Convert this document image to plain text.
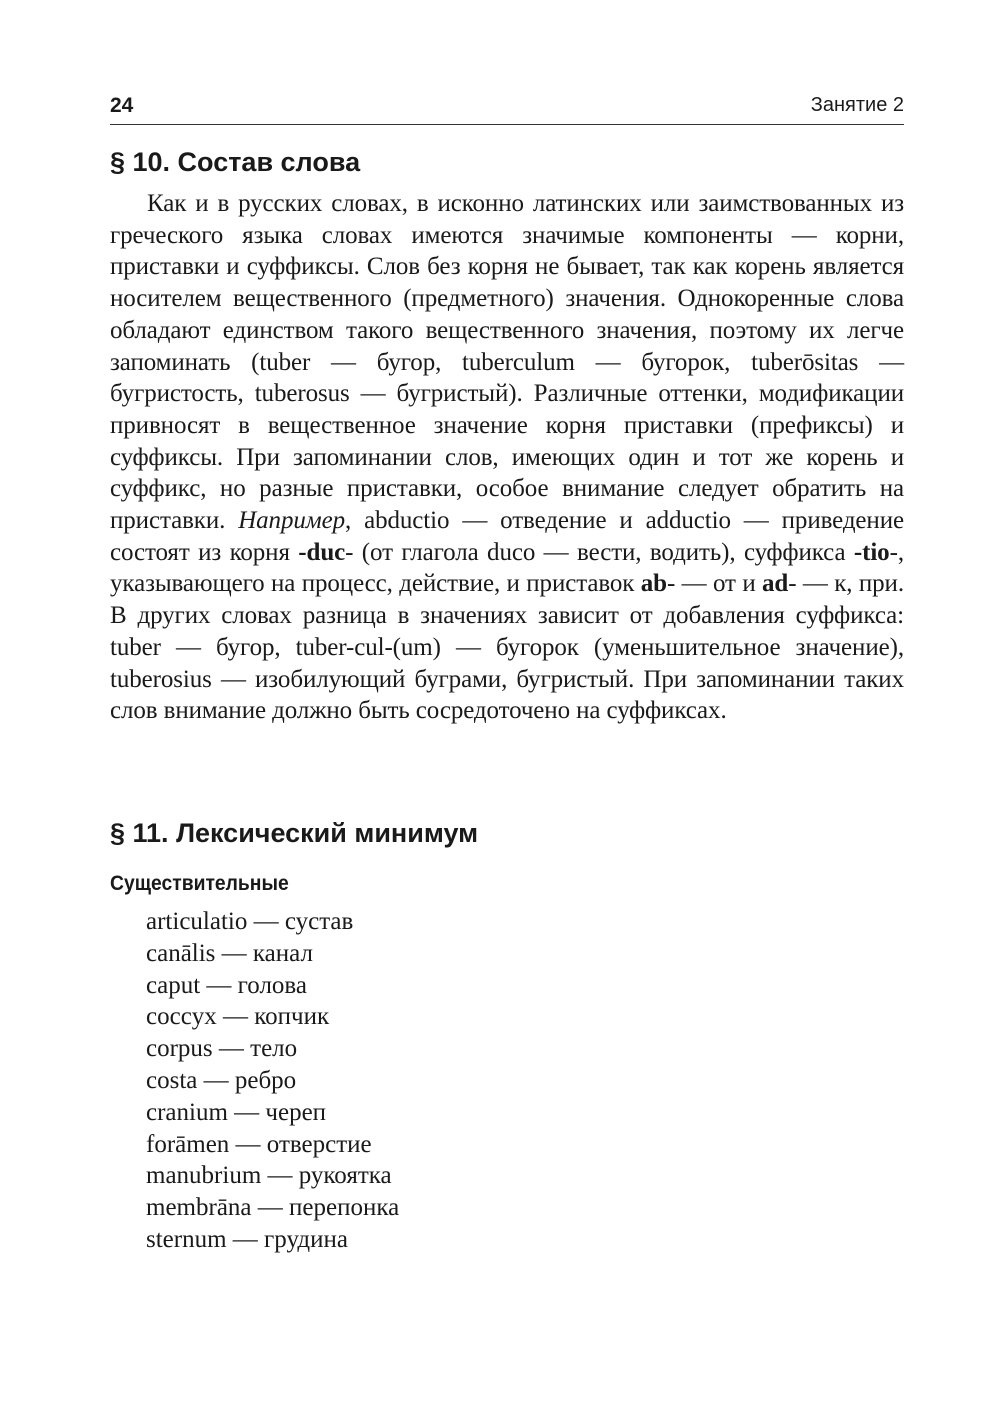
24	Занятие 2
§ 10. Состав слова

Как и в русских словах, в исконно латинских или заимствованных из греческого языка словах имеются значимые компоненты — корни, приставки и суффиксы. Слов без корня не бывает, так как корень является носителем вещественного (предметного) значения. Однокоренные слова обладают единством такого вещественного значения, поэтому их легче запоминать (tuber — бугор, tuberculum — бугорок, tuberōsitas — бугристость, tuberosus — бугристый). Различные оттенки, модификации привносят в вещественное значение корня приставки (префиксы) и суффиксы. При запоминании слов, имеющих один и тот же корень и суффикс, но разные приставки, особое внимание следует обратить на приставки. Например, abductio — отведение и adductio — приведение состоят из корня -duc- (от глагола duco — вести, водить), суффикса -tio-, указывающего на процесс, действие, и приставок ab- — от и ad- — к, при. В других словах разница в значениях зависит от добавления суффикса: tuber — бугор, tuber-cul-(um) — бугорок (уменьшительное значение), tuberosius — изобилующий буграми, бугристый. При запоминании таких слов внимание должно быть сосредоточено на суффиксах.

§ 11. Лексический минимум
Существительные
articulatio — сустав
canālis — канал
caput — голова
coccyx — копчик
corpus — тело
costa — ребро
cranium — череп
forāmen — отверстие
manubrium — рукоятка
membrāna — перепонка
sternum — грудина
